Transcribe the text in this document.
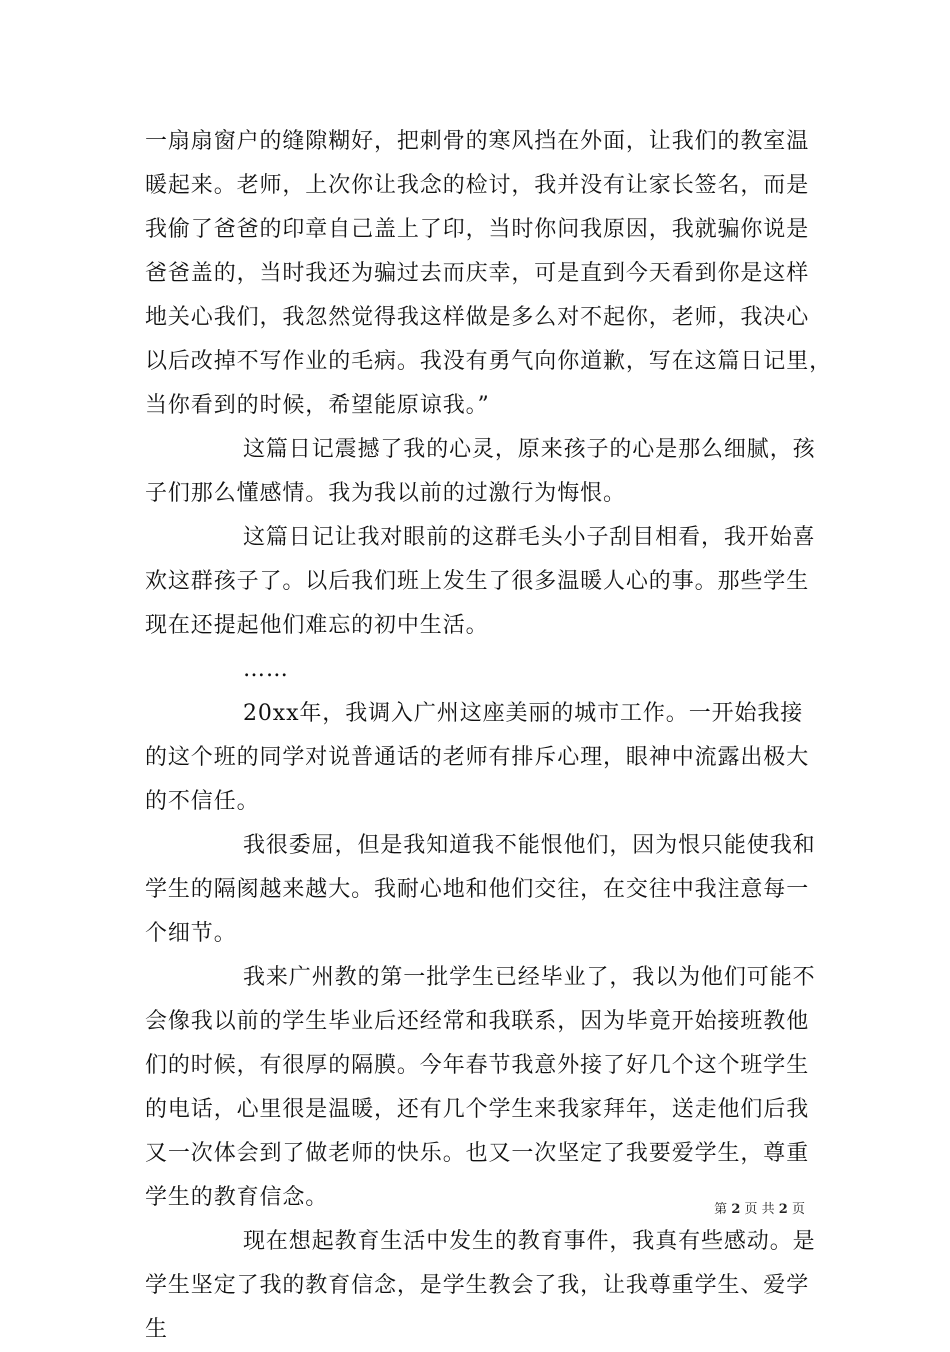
一扇扇窗户的缝隙糊好，把刺骨的寒风挡在外面，让我们的教室温
暖起来。老师，上次你让我念的检讨，我并没有让家长签名，而是
我偷了爸爸的印章自己盖上了印，当时你问我原因，我就骗你说是
爸爸盖的，当时我还为骗过去而庆幸，可是直到今天看到你是这样
地关心我们，我忽然觉得我这样做是多么对不起你，老师，我决心
以后改掉不写作业的毛病。我没有勇气向你道歉，写在这篇日记里，
当你看到的时候，希望能原谅我。”
这篇日记震撼了我的心灵，原来孩子的心是那么细腻，孩
子们那么懂感情。我为我以前的过激行为悔恨。
这篇日记让我对眼前的这群毛头小子刮目相看，我开始喜
欢这群孩子了。以后我们班上发生了很多温暖人心的事。那些学生
现在还提起他们难忘的初中生活。
……
20xx年，我调入广州这座美丽的城市工作。一开始我接
的这个班的同学对说普通话的老师有排斥心理，眼神中流露出极大
的不信任。
我很委屈，但是我知道我不能恨他们，因为恨只能使我和
学生的隔阂越来越大。我耐心地和他们交往，在交往中我注意每一
个细节。
我来广州教的第一批学生已经毕业了，我以为他们可能不
会像我以前的学生毕业后还经常和我联系，因为毕竟开始接班教他
们的时候，有很厚的隔膜。今年春节我意外接了好几个这个班学生
的电话，心里很是温暖，还有几个学生来我家拜年，送走他们后我
又一次体会到了做老师的快乐。也又一次坚定了我要爱学生，尊重
学生的教育信念。
现在想起教育生活中发生的教育事件，我真有些感动。是
学生坚定了我的教育信念，是学生教会了我，让我尊重学生、爱学
生
第 2 页 共 2 页
